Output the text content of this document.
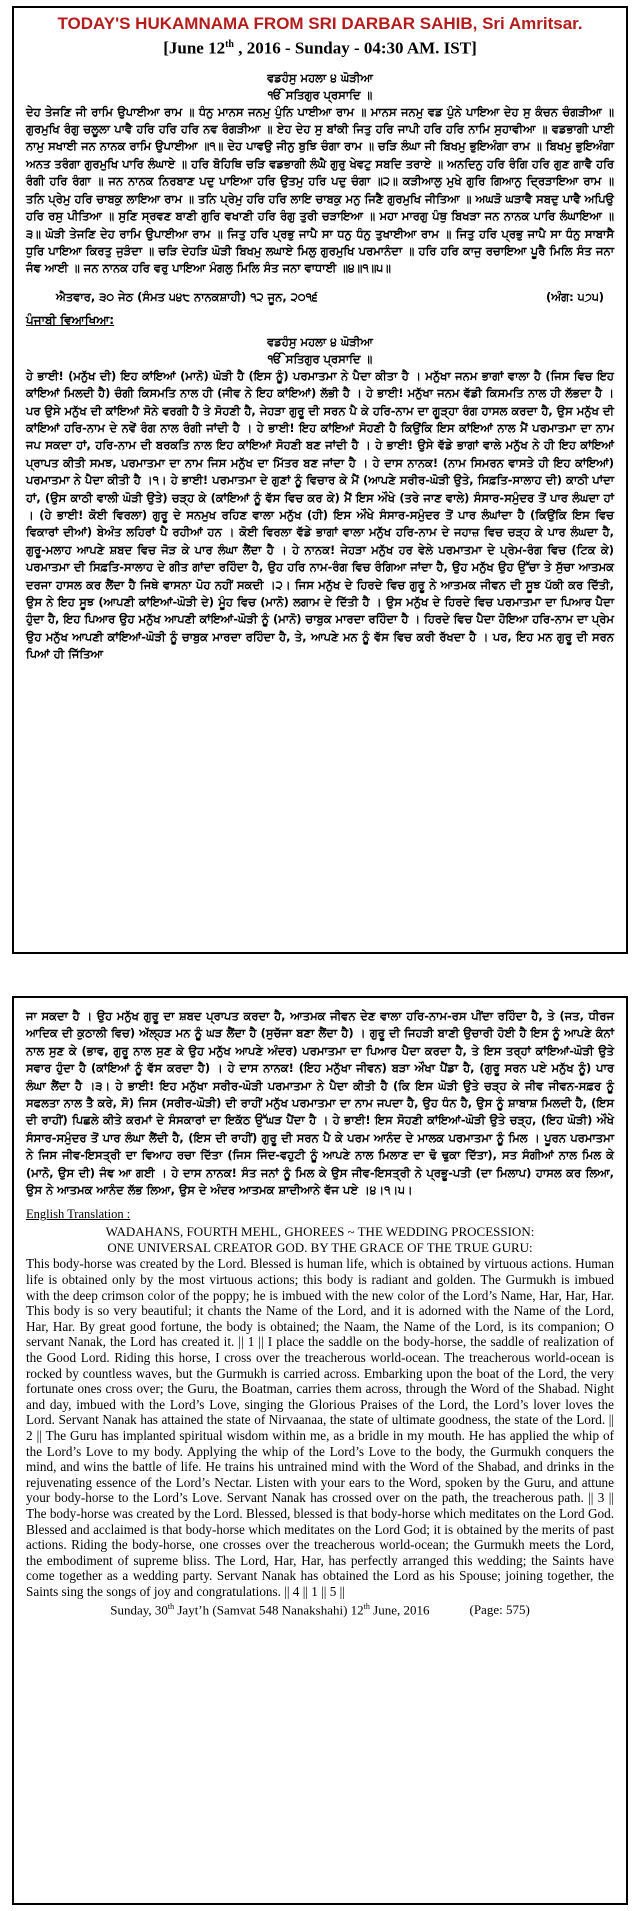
TODAY'S HUKAMNAMA FROM SRI DARBAR SAHIB, Sri Amritsar.
[June 12th , 2016 - Sunday - 04:30 AM. IST]
ਵਡਹੰਸੁ ਮਹਲਾ ੪ ਘੋੜੀਆ
ੴ ਸਤਿਗੁਰ ਪ੍ਰਸਾਦਿ ॥

ਦੇਹ ਤੇਜਣਿ ਜੀ ਰਾਮਿ ਉਪਾਈਆ ਰਾਮ ॥ ਧੰਨੁ ਮਾਨਸ ਜਨਮੁ ਪੁੰਨਿ ਪਾਈਆ ਰਾਮ ॥ ਮਾਨਸ ਜਨਮੁ ਵਡ ਪੁੰਨੇ ਪਾਇਆ ਦੇਹ ਸੁ ਕੰਚਨ ਚੰਗੜੀਆ ॥ ਗੁਰਮੁਖਿ ਰੰਗੁ ਚਲੂਲਾ ਪਾਵੈ ਹਰਿ ਹਰਿ ਹਰਿ ਨਵ ਰੰਗੜੀਆ ॥ ਏਹ ਦੇਹ ਸੁ ਬਾਂਕੀ ਜਿਤੁ ਹਰਿ ਜਾਪੀ ਹਰਿ ਹਰਿ ਨਾਮਿ ਸੁਹਾਵੀਆ ॥ ਵਡਭਾਗੀ ਪਾਈ ਨਾਮੁ ਸਖਾਈ ਜਨ ਨਾਨਕ ਰਾਮਿ ਉਪਾਈਆ ॥੧॥ ਦੇਹ ਪਾਵਉ ਜੀਨੁ ਬੁਝਿ ਚੰਗਾ ਰਾਮ ॥ ਚੜਿ ਲੰਘਾ ਜੀ ਬਿਖਮੁ ਭੁਇਅੰਗਾ ਰਾਮ ॥ ਬਿਖਮੁ ਭੁਇਅੰਗਾ ਅਨਤ ਤਰੰਗਾ ਗੁਰਮੁਖਿ ਪਾਰਿ ਲੰਘਾਏ ॥ ਹਰਿ ਬੋਹਿਥਿ ਚੜਿ ਵਡਭਾਗੀ ਲੰਘੈ ਗੁਰੁ ਖੇਵਟੁ ਸਬਦਿ ਤਰਾਏ ॥ ਅਨਦਿਨੁ ਹਰਿ ਰੰਗਿ ਹਰਿ ਗੁਣ ਗਾਵੈ ਹਰਿ ਰੰਗੀ ਹਰਿ ਰੰਗਾ ॥ ਜਨ ਨਾਨਕ ਨਿਰਬਾਣ ਪਦੁ ਪਾਇਆ ਹਰਿ ਉਤਮੁ ਹਰਿ ਪਦੁ ਚੰਗਾ ॥੨॥ ਕੜੀਆਲੁ ਮੁਖੇ ਗੁਰਿ ਗਿਆਨੁ ਦ੍ਰਿੜਾਇਆ ਰਾਮ ॥ ਤਨਿ ਪ੍ਰੇਮੁ ਹਰਿ ਚਾਬਕੁ ਲਾਇਆ ਰਾਮ ॥ ਤਨਿ ਪ੍ਰੇਮੁ ਹਰਿ ਹਰਿ ਲਾਇ ਚਾਬਕੁ ਮਨੁ ਜਿਣੈ ਗੁਰਮੁਖਿ ਜੀਤਿਆ ॥ ਅਘੜੋ ਘੜਾਵੈ ਸਬਦੁ ਪਾਵੈ ਅਪਿਉ ਹਰਿ ਰਸੁ ਪੀਤਿਆ ॥ ਸੁਣਿ ਸ੍ਰਵਣ ਬਾਣੀ ਗੁਰਿ ਵਖਾਣੀ ਹਰਿ ਰੰਗੁ ਤੁਰੀ ਚੜਾਇਆ ॥ ਮਹਾ ਮਾਰਗੁ ਪੰਥੁ ਬਿਖੜਾ ਜਨ ਨਾਨਕ ਪਾਰਿ ਲੰਘਾਇਆ ॥੩॥ ਘੋੜੀ ਤੇਜਣਿ ਦੇਹ ਰਾਮਿ ਉਪਾਈਆ ਰਾਮ ॥ ਜਿਤੁ ਹਰਿ ਪ੍ਰਭੁ ਜਾਪੈ ਸਾ ਧਨੁ ਧੰਨੁ ਤੁਖਾਈਆ ਰਾਮ ॥ ਜਿਤੁ ਹਰਿ ਪ੍ਰਭੁ ਜਾਪੈ ਸਾ ਧੰਨੁ ਸਾਬਾਸੈ ਧੁਰਿ ਪਾਇਆ ਕਿਰਤੁ ਜੁੜੰਦਾ ॥ ਚੜਿ ਦੇਹੜਿ ਘੋੜੀ ਬਿਖਮੁ ਲਘਾਏ ਮਿਲੁ ਗੁਰਮੁਖਿ ਪਰਮਾਨੰਦਾ ॥ ਹਰਿ ਹਰਿ ਕਾਜੁ ਰਚਾਇਆ ਪੂਰੈ ਮਿਲਿ ਸੰਤ ਜਨਾ ਜੰਞ ਆਈ ॥ ਜਨ ਨਾਨਕ ਹਰਿ ਵਰੁ ਪਾਇਆ ਮੰਗਲੁ ਮਿਲਿ ਸੰਤ ਜਨਾ ਵਾਧਾਈ ॥੪॥੧॥੫॥

ਐਤਵਾਰ, ੩੦ ਜੇਠ (ਸੰਮਤ ੫੪੮ ਨਾਨਕਸ਼ਾਹੀ) ੧੨ ਜੂਨ, ੨੦੧੬	(ਅੰਗ: ੫੭੫)
ਪੰਜਾਬੀ ਵਿਆਖਿਆ:
ਵਡਹੰਸੁ ਮਹਲਾ ੪ ਘੋੜੀਆ
ੴ ਸਤਿਗੁਰ ਪ੍ਰਸਾਦਿ ॥

ਹੇ ਭਾਈ! (ਮਨੁੱਖ ਦੀ) ਇਹ ਕਾਂਇਆਂ (ਮਾਨੋ) ਘੋੜੀ ਹੈ (ਇਸ ਨੂੰ) ਪਰਮਾਤਮਾ ਨੇ ਪੈਦਾ ਕੀਤਾ ਹੈ । ਮਨੁੱਖਾ ਜਨਮ ਭਾਗਾਂ ਵਾਲਾ ਹੈ (ਜਿਸ ਵਿਚ ਇਹ ਕਾਂਇਆਂ ਮਿਲਦੀ ਹੈ) ਚੰਗੀ ਕਿਸਮਤਿ ਨਾਲ ਹੀ (ਜੀਵ ਨੇ ਇਹ ਕਾਂਇਆਂ) ਲੱਭੀ ਹੈ । ਹੇ ਭਾਈ! ਮਨੁੱਖਾ ਜਨਮ ਵੱਡੀ ਕਿਸਮਤਿ ਨਾਲ ਹੀ ਲੱਭਦਾ ਹੈ । ਪਰ ਉਸੇ ਮਨੁੱਖ ਦੀ ਕਾਂਇਆਂ ਸੋਨੇ ਵਰਗੀ ਹੈ ਤੇ ਸੋਹਣੀ ਹੈ, ਜੇਹੜਾ ਗੁਰੂ ਦੀ ਸਰਨ ਪੈ ਕੇ ਹਰਿ-ਨਾਮ ਦਾ ਗੂੜ੍ਹਾ ਰੰਗ ਹਾਸਲ ਕਰਦਾ ਹੈ, ਉਸ ਮਨੁੱਖ ਦੀ ਕਾਂਇਆਂ ਹਰਿ-ਨਾਮ ਦੇ ਨਵੇਂ ਰੰਗ ਨਾਲ ਰੰਗੀ ਜਾਂਦੀ ਹੈ । ਹੇ ਭਾਈ! ਇਹ ਕਾਂਇਆਂ ਸੋਹਣੀ ਹੈ ਕਿਉਂਕਿ ਇਸ ਕਾਂਇਆਂ ਨਾਲ ਮੈਂ ਪਰਮਾਤਮਾ ਦਾ ਨਾਮ ਜਪ ਸਕਦਾ ਹਾਂ, ਹਰਿ-ਨਾਮ ਦੀ ਬਰਕਤਿ ਨਾਲ ਇਹ ਕਾਂਇਆਂ ਸੋਹਣੀ ਬਣ ਜਾਂਦੀ ਹੈ । ਹੇ ਭਾਈ! ਉਸੇ ਵੱਡੇ ਭਾਗਾਂ ਵਾਲੇ ਮਨੁੱਖ ਨੇ ਹੀ ਇਹ ਕਾਂਇਆਂ ਪ੍ਰਾਪਤ ਕੀਤੀ ਸਮਝ, ਪਰਮਾਤਮਾ ਦਾ ਨਾਮ ਜਿਸ ਮਨੁੱਖ ਦਾ ਮਿੱਤਰ ਬਣ ਜਾਂਦਾ ਹੈ । ਹੇ ਦਾਸ ਨਾਨਕ! (ਨਾਮ ਸਿਮਰਨ ਵਾਸਤੇ ਹੀ ਇਹ ਕਾਂਇਆਂ) ਪਰਮਾਤਮਾ ਨੇ ਪੈਦਾ ਕੀਤੀ ਹੈ ।੧। ਹੇ ਭਾਈ! ਪਰਮਾਤਮਾ ਦੇ ਗੁਣਾਂ ਨੂੰ ਵਿਚਾਰ ਕੇ ਮੈਂ (ਆਪਣੇ ਸਰੀਰ-ਘੋੜੀ ਉਤੇ, ਸਿਫ਼ਤਿ-ਸਾਲਾਹ ਦੀ) ਕਾਠੀ ਪਾਂਦਾ ਹਾਂ, (ਉਸ ਕਾਠੀ ਵਾਲੀ ਘੋੜੀ ਉਤੇ) ਚੜ੍ਹ ਕੇ (ਕਾਂਇਆਂ ਨੂੰ ਵੱਸ ਵਿਚ ਕਰ ਕੇ) ਮੈਂ ਇਸ ਔਖੇ (ਤਰੇ ਜਾਣ ਵਾਲੇ) ਸੰਸਾਰ-ਸਮੁੰਦਰ ਤੋਂ ਪਾਰ ਲੰਘਦਾ ਹਾਂ । (ਹੇ ਭਾਈ! ਕੋਈ ਵਿਰਲਾ) ਗੁਰੂ ਦੇ ਸਨਮੁਖ ਰਹਿਣ ਵਾਲਾ ਮਨੁੱਖ (ਹੀ) ਇਸ ਔਖੇ ਸੰਸਾਰ-ਸਮੁੰਦਰ ਤੋਂ ਪਾਰ ਲੰਘਾਂਦਾ ਹੈ (ਕਿਉਂਕਿ ਇਸ ਵਿਚ ਵਿਕਾਰਾਂ ਦੀਆਂ) ਬੇਅੰਤ ਲਹਿਰਾਂ ਪੈ ਰਹੀਆਂ ਹਨ । ਕੋਈ ਵਿਰਲਾ ਵੱਡੇ ਭਾਗਾਂ ਵਾਲਾ ਮਨੁੱਖ ਹਰਿ-ਨਾਮ ਦੇ ਜਹਾਜ਼ ਵਿਚ ਚੜ੍ਹ ਕੇ ਪਾਰ ਲੰਘਦਾ ਹੈ, ਗੁਰੂ-ਮਲਾਹ ਆਪਣੇ ਸ਼ਬਦ ਵਿਚ ਜੋੜ ਕੇ ਪਾਰ ਲੰਘਾ ਲੈਂਦਾ ਹੈ । ਹੇ ਨਾਨਕ! ਜੇਹੜਾ ਮਨੁੱਖ ਹਰ ਵੇਲੇ ਪਰਮਾਤਮਾ ਦੇ ਪ੍ਰੇਮ-ਰੰਗ ਵਿਚ (ਟਿਕ ਕੇ) ਪਰਮਾਤਮਾ ਦੀ ਸਿਫ਼ਤਿ-ਸਾਲਾਹ ਦੇ ਗੀਤ ਗਾਂਦਾ ਰਹਿੰਦਾ ਹੈ, ਉਹ ਹਰਿ ਨਾਮ-ਰੰਗ ਵਿਚ ਰੰਗਿਆ ਜਾਂਦਾ ਹੈ, ਉਹ ਮਨੁੱਖ ਉਹ ਉੱਚਾ ਤੇ ਸੁੱਚਾ ਆਤਮਕ ਦਰਜਾ ਹਾਸਲ ਕਰ ਲੈਂਦਾ ਹੈ ਜਿਥੇ ਵਾਸਨਾ ਪੋਹ ਨਹੀਂ ਸਕਦੀ ।੨। ਜਿਸ ਮਨੁੱਖ ਦੇ ਹਿਰਦੇ ਵਿਚ ਗੁਰੂ ਨੇ ਆਤਮਕ ਜੀਵਨ ਦੀ ਸੂਝ ਪੱਕੀ ਕਰ ਦਿੱਤੀ, ਉਸ ਨੇ ਇਹ ਸੂਝ (ਆਪਣੀ ਕਾਂਇਆਂ-ਘੋੜੀ ਦੇ) ਮੂੰਹ ਵਿਚ (ਮਾਨੋ) ਲਗਾਮ ਦੇ ਦਿੱਤੀ ਹੈ । ਉਸ ਮਨੁੱਖ ਦੇ ਹਿਰਦੇ ਵਿਚ ਪਰਮਾਤਮਾ ਦਾ ਪਿਆਰ ਪੈਦਾ ਹੁੰਦਾ ਹੈ, ਇਹ ਪਿਆਰ ਉਹ ਮਨੁੱਖ ਆਪਣੀ ਕਾਂਇਆਂ-ਘੋੜੀ ਨੂੰ (ਮਾਨੋ) ਚਾਬੁਕ ਮਾਰਦਾ ਰਹਿੰਦਾ ਹੈ । ਹਿਰਦੇ ਵਿਚ ਪੈਦਾ ਹੋਇਆ ਹਰਿ-ਨਾਮ ਦਾ ਪ੍ਰੇਮ ਉਹ ਮਨੁੱਖ ਆਪਣੀ ਕਾਂਇਆਂ-ਘੋੜੀ ਨੂੰ ਚਾਬੁਕ ਮਾਰਦਾ ਰਹਿੰਦਾ ਹੈ, ਤੇ, ਆਪਣੇ ਮਨ ਨੂੰ ਵੱਸ ਵਿਚ ਕਰੀ ਰੱਖਦਾ ਹੈ । ਪਰ, ਇਹ ਮਨ ਗੁਰੂ ਦੀ ਸਰਨ ਪਿਆਂ ਹੀ ਜਿੱਤਿਆ

ਜਾ ਸਕਦਾ ਹੈ । ਉਹ ਮਨੁੱਖ ਗੁਰੂ ਦਾ ਸ਼ਬਦ ਪ੍ਰਾਪਤ ਕਰਦਾ ਹੈ, ਆਤਮਕ ਜੀਵਨ ਦੇਣ ਵਾਲਾ ਹਰਿ-ਨਾਮ-ਰਸ ਪੀਂਦਾ ਰਹਿੰਦਾ ਹੈ, ਤੇ (ਜਤ, ਧੀਰਜ ਆਦਿਕ ਦੀ ਕੁਠਾਲੀ ਵਿਚ) ਅੱਲ੍ਹੜ ਮਨ ਨੂੰ ਘੜ ਲੈਂਦਾ ਹੈ (ਸੁਚੱਜਾ ਬਣਾ ਲੈਂਦਾ ਹੈ) । ਗੁਰੂ ਦੀ ਜਿਹੜੀ ਬਾਣੀ ਉਚਾਰੀ ਹੋਈ ਹੈ ਇਸ ਨੂੰ ਆਪਣੇ ਕੰਨਾਂ ਨਾਲ ਸੁਣ ਕੇ (ਭਾਵ, ਗੁਰੂ ਨਾਲ ਸੁਣ ਕੇ ਉਹ ਮਨੁੱਖ ਆਪਣੇ ਅੰਦਰ) ਪਰਮਾਤਮਾ ਦਾ ਪਿਆਰ ਪੈਦਾ ਕਰਦਾ ਹੈ, ਤੇ ਇਸ ਤਰ੍ਹਾਂ ਕਾਂਇਆਂ-ਘੋੜੀ ਉਤੇ ਸਵਾਰ ਹੁੰਦਾ ਹੈ (ਕਾਂਇਆਂ ਨੂੰ ਵੱਸ ਕਰਦਾ ਹੈ) । ਹੇ ਦਾਸ ਨਾਨਕ! (ਇਹ ਮਨੁੱਖਾ ਜੀਵਨ) ਬੜਾ ਔਖਾ ਪੈਂਡਾ ਹੈ, (ਗੁਰੂ ਸਰਨ ਪਏ ਮਨੁੱਖ ਨੂੰ) ਪਾਰ ਲੰਘਾ ਲੈਂਦਾ ਹੈ ।੩। ਹੇ ਭਾਈ! ਇਹ ਮਨੁੱਖਾ ਸਰੀਰ-ਘੋੜੀ ਪਰਮਾਤਮਾ ਨੇ ਪੈਦਾ ਕੀਤੀ ਹੈ (ਕਿ ਇਸ ਘੋੜੀ ਉਤੇ ਚੜ੍ਹ ਕੇ ਜੀਵ ਜੀਵਨ-ਸਫ਼ਰ ਨੂੰ ਸਫਲਤਾ ਨਾਲ ਤੈ ਕਰੇ, ਸੋ) ਜਿਸ (ਸਰੀਰ-ਘੋੜੀ) ਦੀ ਰਾਹੀਂ ਮਨੁੱਖ ਪਰਮਾਤਮਾ ਦਾ ਨਾਮ ਜਪਦਾ ਹੈ, ਉਹ ਧੰਨ ਹੈ, ਉਸ ਨੂੰ ਸ਼ਾਬਾਸ਼ ਮਿਲਦੀ ਹੈ, (ਇਸ ਦੀ ਰਾਹੀਂ) ਪਿਛਲੇ ਕੀਤੇ ਕਰਮਾਂ ਦੇ ਸੰਸਕਾਰਾਂ ਦਾ ਇਕੱਠ ਉੱਘੜ ਪੈਂਦਾ ਹੈ । ਹੇ ਭਾਈ! ਇਸ ਸੋਹਣੀ ਕਾਂਇਆਂ-ਘੋੜੀ ਉਤੇ ਚੜ੍ਹ, (ਇਹ ਘੋੜੀ) ਔਖੇ ਸੰਸਾਰ-ਸਮੁੰਦਰ ਤੋਂ ਪਾਰ ਲੰਘਾ ਲੈਂਦੀ ਹੈ, (ਇਸ ਦੀ ਰਾਹੀਂ) ਗੁਰੂ ਦੀ ਸਰਨ ਪੈ ਕੇ ਪਰਮ ਆਨੰਦ ਦੇ ਮਾਲਕ ਪਰਮਾਤਮਾ ਨੂੰ ਮਿਲ । ਪੂਰਨ ਪਰਮਾਤਮਾ ਨੇ ਜਿਸ ਜੀਵ-ਇਸਤ੍ਰੀ ਦਾ ਵਿਆਹ ਰਚਾ ਦਿੱਤਾ (ਜਿਸ ਜਿੰਦ-ਵਹੁਟੀ ਨੂੰ ਆਪਣੇ ਨਾਲ ਮਿਲਾਣ ਦਾ ਢੋ ਢੁਕਾ ਦਿੱਤਾ), ਸਤ ਸੰਗੀਆਂ ਨਾਲ ਮਿਲ ਕੇ (ਮਾਨੋ, ਉਸ ਦੀ) ਜੰਞ ਆ ਗਈ । ਹੇ ਦਾਸ ਨਾਨਕ! ਸੰਤ ਜਨਾਂ ਨੂੰ ਮਿਲ ਕੇ ਉਸ ਜੀਵ-ਇਸਤ੍ਰੀ ਨੇ ਪ੍ਰਭੂ-ਪਤੀ (ਦਾ ਮਿਲਾਪ) ਹਾਸਲ ਕਰ ਲਿਆ, ਉਸ ਨੇ ਆਤਮਕ ਆਨੰਦ ਲੱਭ ਲਿਆ, ਉਸ ਦੇ ਅੰਦਰ ਆਤਮਕ ਸ਼ਾਦੀਆਨੇ ਵੱਜ ਪਏ ।੪।੧।੫।

English Translation :
WADAHANS, FOURTH MEHL, GHOREES ~ THE WEDDING PROCESSION:
ONE UNIVERSAL CREATOR GOD. BY THE GRACE OF THE TRUE GURU:

This body-horse was created by the Lord. Blessed is human life, which is obtained by virtuous actions. Human life is obtained only by the most virtuous actions; this body is radiant and golden. The Gurmukh is imbued with the deep crimson color of the poppy; he is imbued with the new color of the Lord’s Name, Har, Har, Har. This body is so very beautiful; it chants the Name of the Lord, and it is adorned with the Name of the Lord, Har, Har. By great good fortune, the body is obtained; the Naam, the Name of the Lord, is its companion; O servant Nanak, the Lord has created it. || 1 || I place the saddle on the body-horse, the saddle of realization of the Good Lord. Riding this horse, I cross over the treacherous world-ocean. The treacherous world-ocean is rocked by countless waves, but the Gurmukh is carried across. Embarking upon the boat of the Lord, the very fortunate ones cross over; the Guru, the Boatman, carries them across, through the Word of the Shabad. Night and day, imbued with the Lord’s Love, singing the Glorious Praises of the Lord, the Lord’s lover loves the Lord. Servant Nanak has attained the state of Nirvaanaa, the state of ultimate goodness, the state of the Lord. || 2 || The Guru has implanted spiritual wisdom within me, as a bridle in my mouth. He has applied the whip of the Lord’s Love to my body. Applying the whip of the Lord’s Love to the body, the Gurmukh conquers the mind, and wins the battle of life. He trains his untrained mind with the Word of the Shabad, and drinks in the rejuvenating essence of the Lord’s Nectar. Listen with your ears to the Word, spoken by the Guru, and attune your body-horse to the Lord’s Love. Servant Nanak has crossed over on the path, the treacherous path. || 3 || The body-horse was created by the Lord. Blessed, blessed is that body-horse which meditates on the Lord God. Blessed and acclaimed is that body-horse which meditates on the Lord God; it is obtained by the merits of past actions. Riding the body-horse, one crosses over the treacherous world-ocean; the Gurmukh meets the Lord, the embodiment of supreme bliss. The Lord, Har, Har, has perfectly arranged this wedding; the Saints have come together as a wedding party. Servant Nanak has obtained the Lord as his Spouse; joining together, the Saints sing the songs of joy and congratulations. || 4 || 1 || 5 ||

Sunday, 30th Jayt’h (Samvat 548 Nanakshahi) 12th June, 2016	(Page: 575)
